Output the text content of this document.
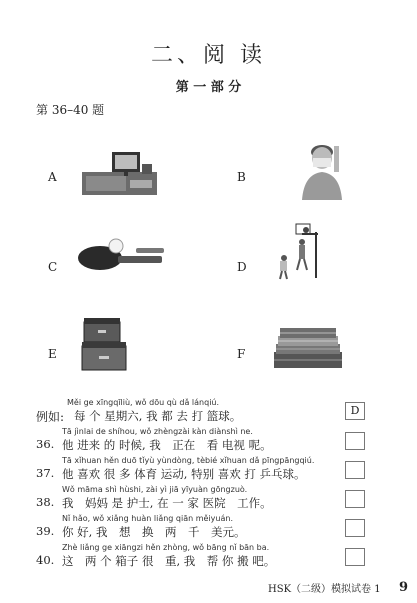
二、阅 读
第 一 部 分
第 36–40 题
A	B
C	D
E	F
Měi ge xīngqīliù, wǒ dōu qù dǎ lánqiú.
例如: 每 个 星期六, 我 都 去 打 篮球。	D
Tā jìnlai de shíhou, wǒ zhèngzài kàn diànshì ne.
36. 他 进来 的 时候, 我　正在　看 电视 呢。
Tā xǐhuan hěn duō tǐyù yùndòng, tèbié xǐhuan dǎ pīngpāngqiú.
37. 他 喜欢 很 多 体育 运动, 特别 喜欢 打 乒乓球。
Wǒ māma shì hùshi, zài yì jiā yīyuàn gōngzuò.
38. 我　妈妈 是 护士, 在 一 家 医院　工作。
Nǐ hǎo, wǒ xiǎng huàn liǎng qiān měiyuán.
39. 你 好, 我　想　换　两　千　美元。
Zhè liǎng ge xiāngzi hěn zhòng, wǒ bāng nǐ bān ba.
40. 这　两 个 箱子 很　重, 我　帮 你 搬 吧。
HSK（二级）模拟试卷 1 9
